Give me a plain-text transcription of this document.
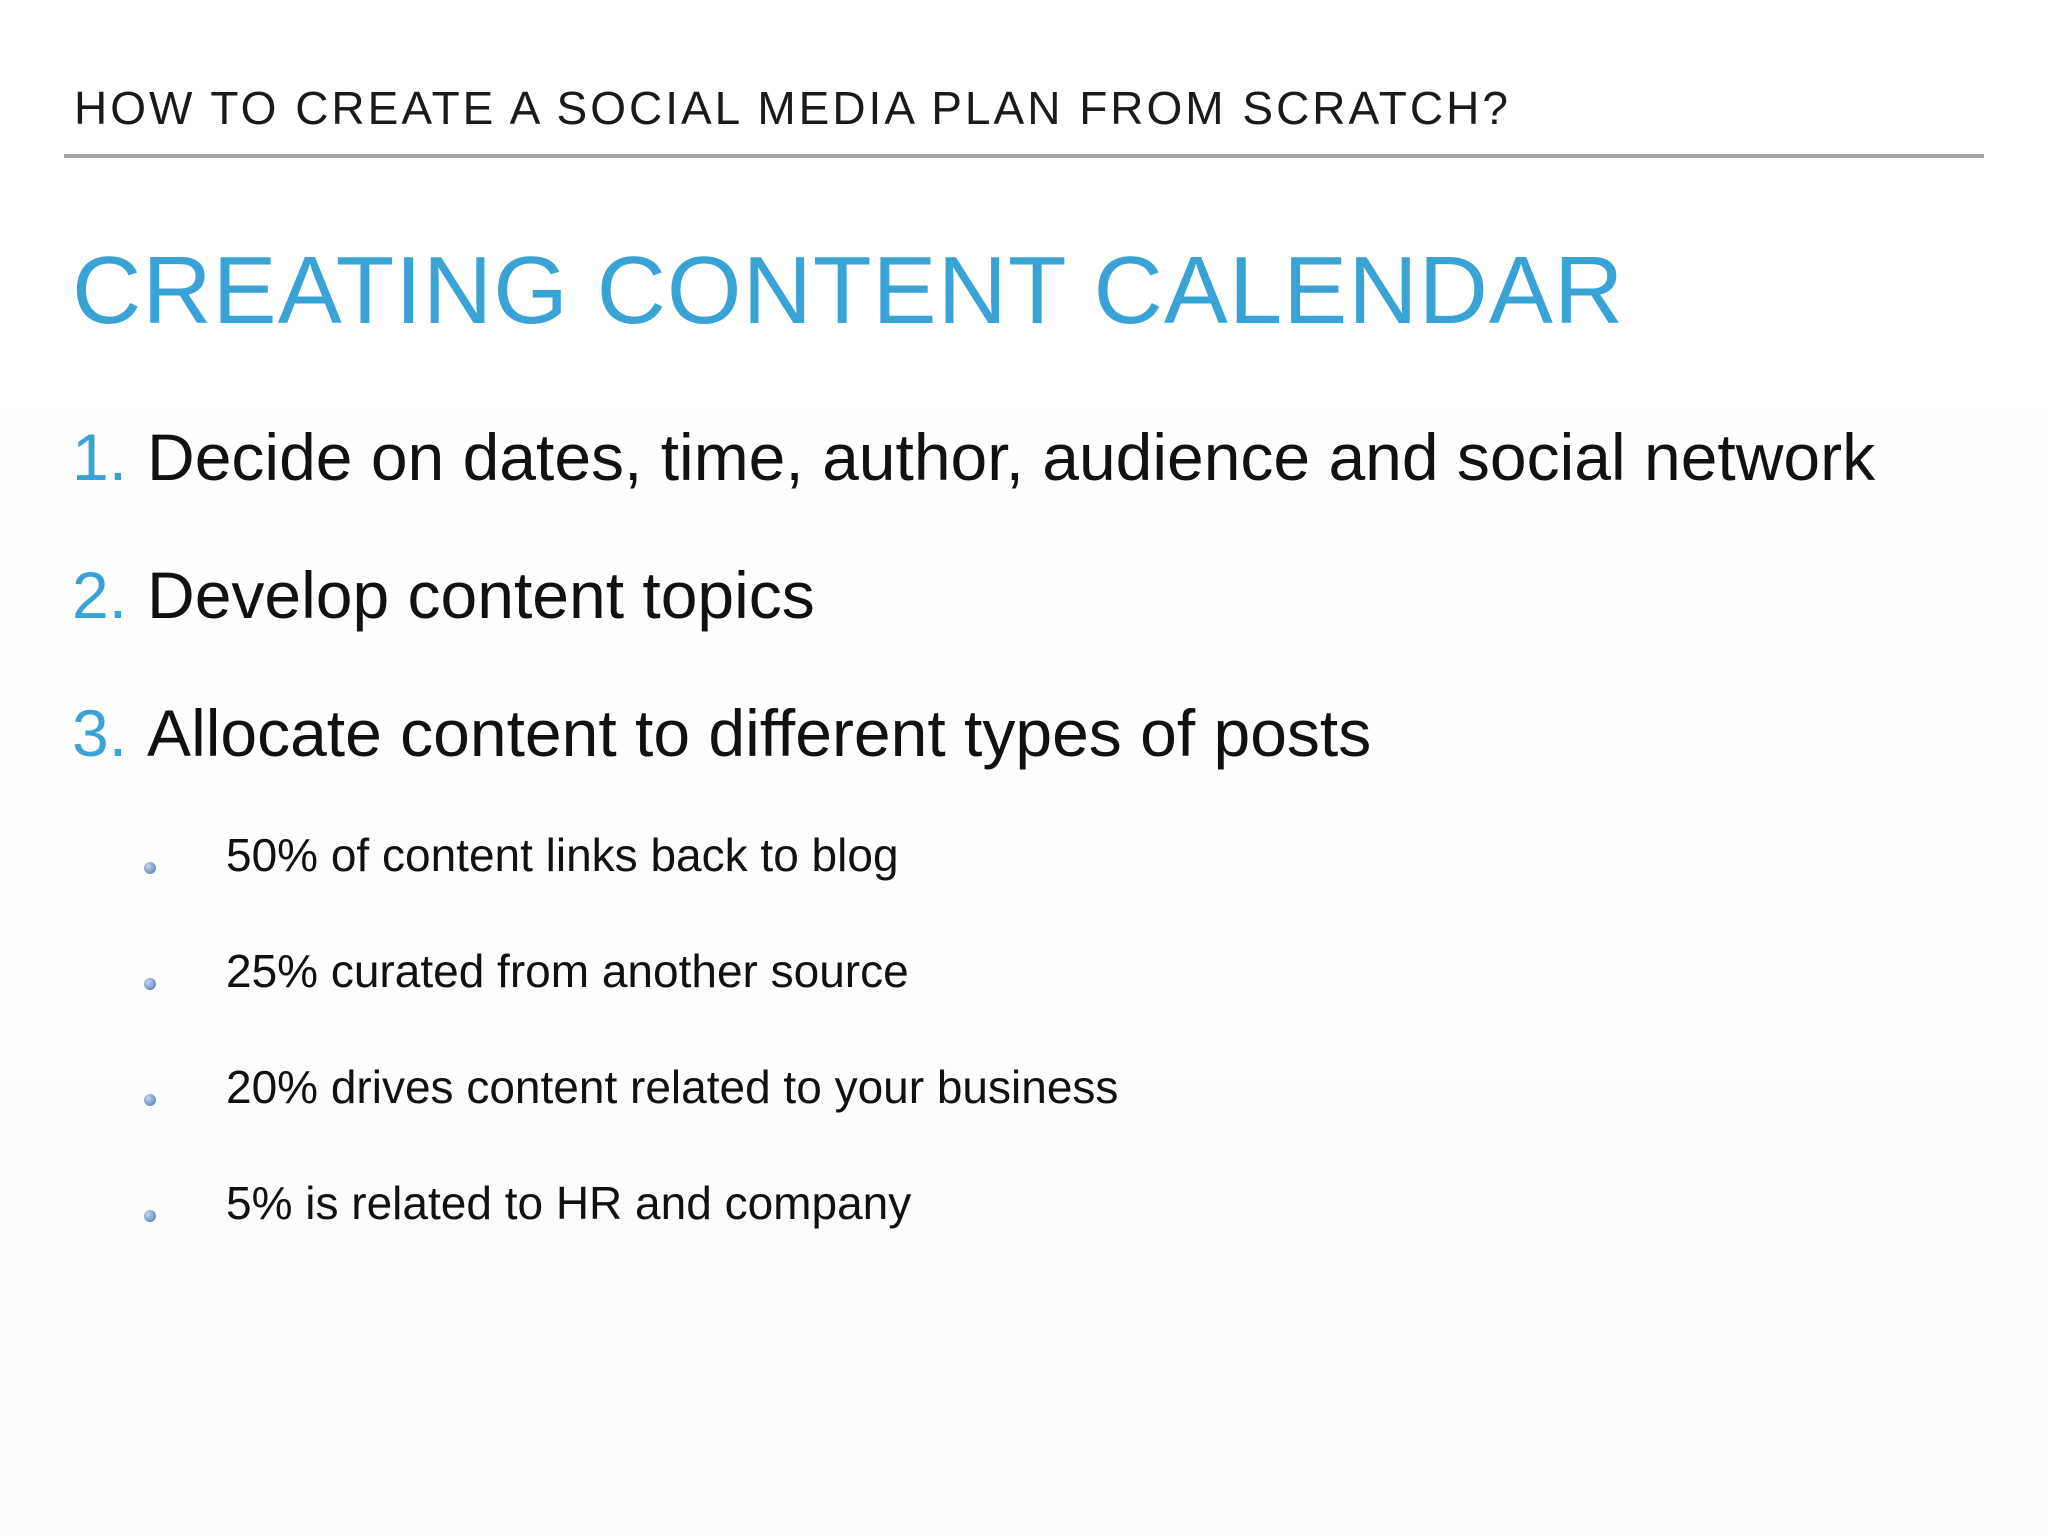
HOW TO CREATE A SOCIAL MEDIA PLAN FROM SCRATCH?
CREATING CONTENT CALENDAR
1. Decide on dates, time, author, audience and social network
2. Develop content topics
3. Allocate content to different types of posts
50% of content links back to blog
25% curated from another source
20% drives content related to your business
5% is related to HR and company
